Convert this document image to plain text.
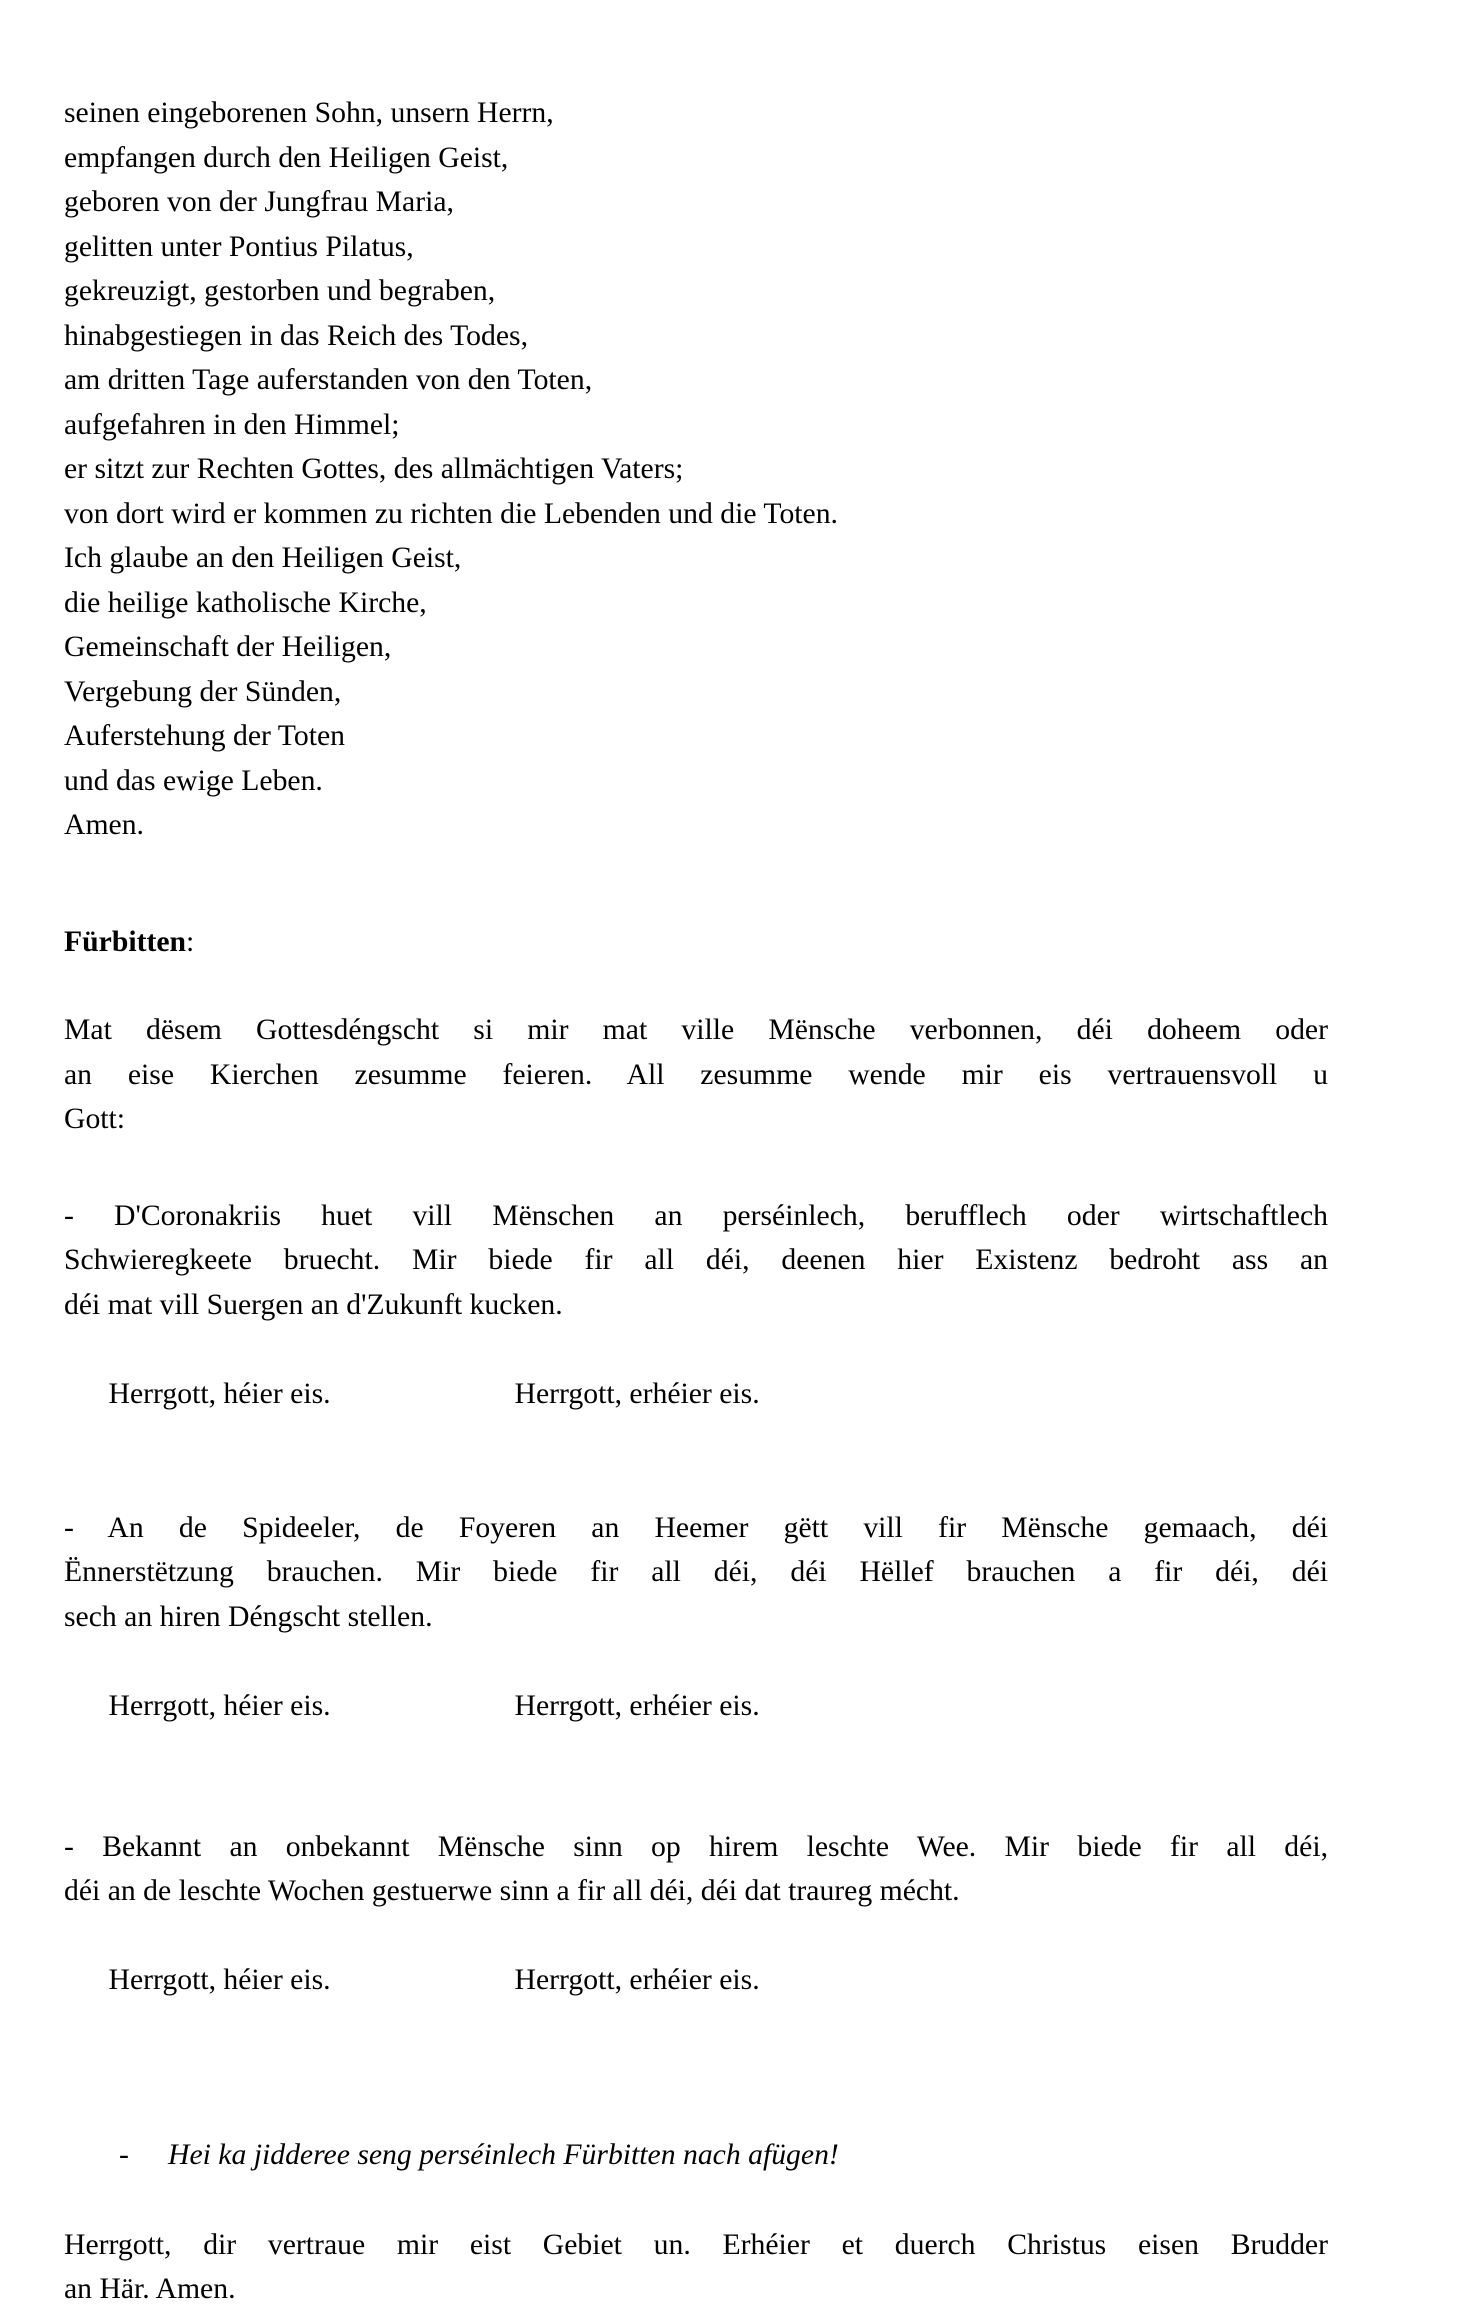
seinen eingeborenen Sohn, unsern Herrn,
empfangen durch den Heiligen Geist,
geboren von der Jungfrau Maria,
gelitten unter Pontius Pilatus,
gekreuzigt, gestorben und begraben,
hinabgestiegen in das Reich des Todes,
am dritten Tage auferstanden von den Toten,
aufgefahren in den Himmel;
er sitzt zur Rechten Gottes, des allmächtigen Vaters;
von dort wird er kommen zu richten die Lebenden und die Toten.
Ich glaube an den Heiligen Geist,
die heilige katholische Kirche,
Gemeinschaft der Heiligen,
Vergebung der Sünden,
Auferstehung der Toten
und das ewige Leben.
Amen.
Fürbitten:
Mat dësem Gottesdéngscht si mir mat ville Mënsche verbonnen, déi doheem oder
an eise Kierchen zesumme feieren. All zesumme wende mir eis vertrauensvoll u
Gott:
- D'Coronakriis huet vill Mënschen an perséinlech, berufflech oder wirtschaftlech
Schwieregkeete bruecht. Mir biede fir all déi, deenen hier Existenz bedroht ass an
déi mat vill Suergen an d'Zukunft kucken.

Herrgott, héier eis.	Herrgott, erhéier eis.

- An de Spideeler, de Foyeren an Heemer gëtt vill fir Mënsche gemaach, déi
Ënnerstëtzung brauchen. Mir biede fir all déi, déi Hëllef brauchen a fir déi, déi
sech an hiren Déngscht stellen.

Herrgott, héier eis.	Herrgott, erhéier eis.

- Bekannt an onbekannt Mënsche sinn op hirem leschte Wee. Mir biede fir all déi,
déi an de leschte Wochen gestuerwe sinn a fir all déi, déi dat traureg mécht.

Herrgott, héier eis.	Herrgott, erhéier eis.

- Hei ka jidderee seng perséinlech Fürbitten nach afügen!
Herrgott, dir vertraue mir eist Gebiet un. Erhéier et duerch Christus eisen Brudder
an Här. Amen.
